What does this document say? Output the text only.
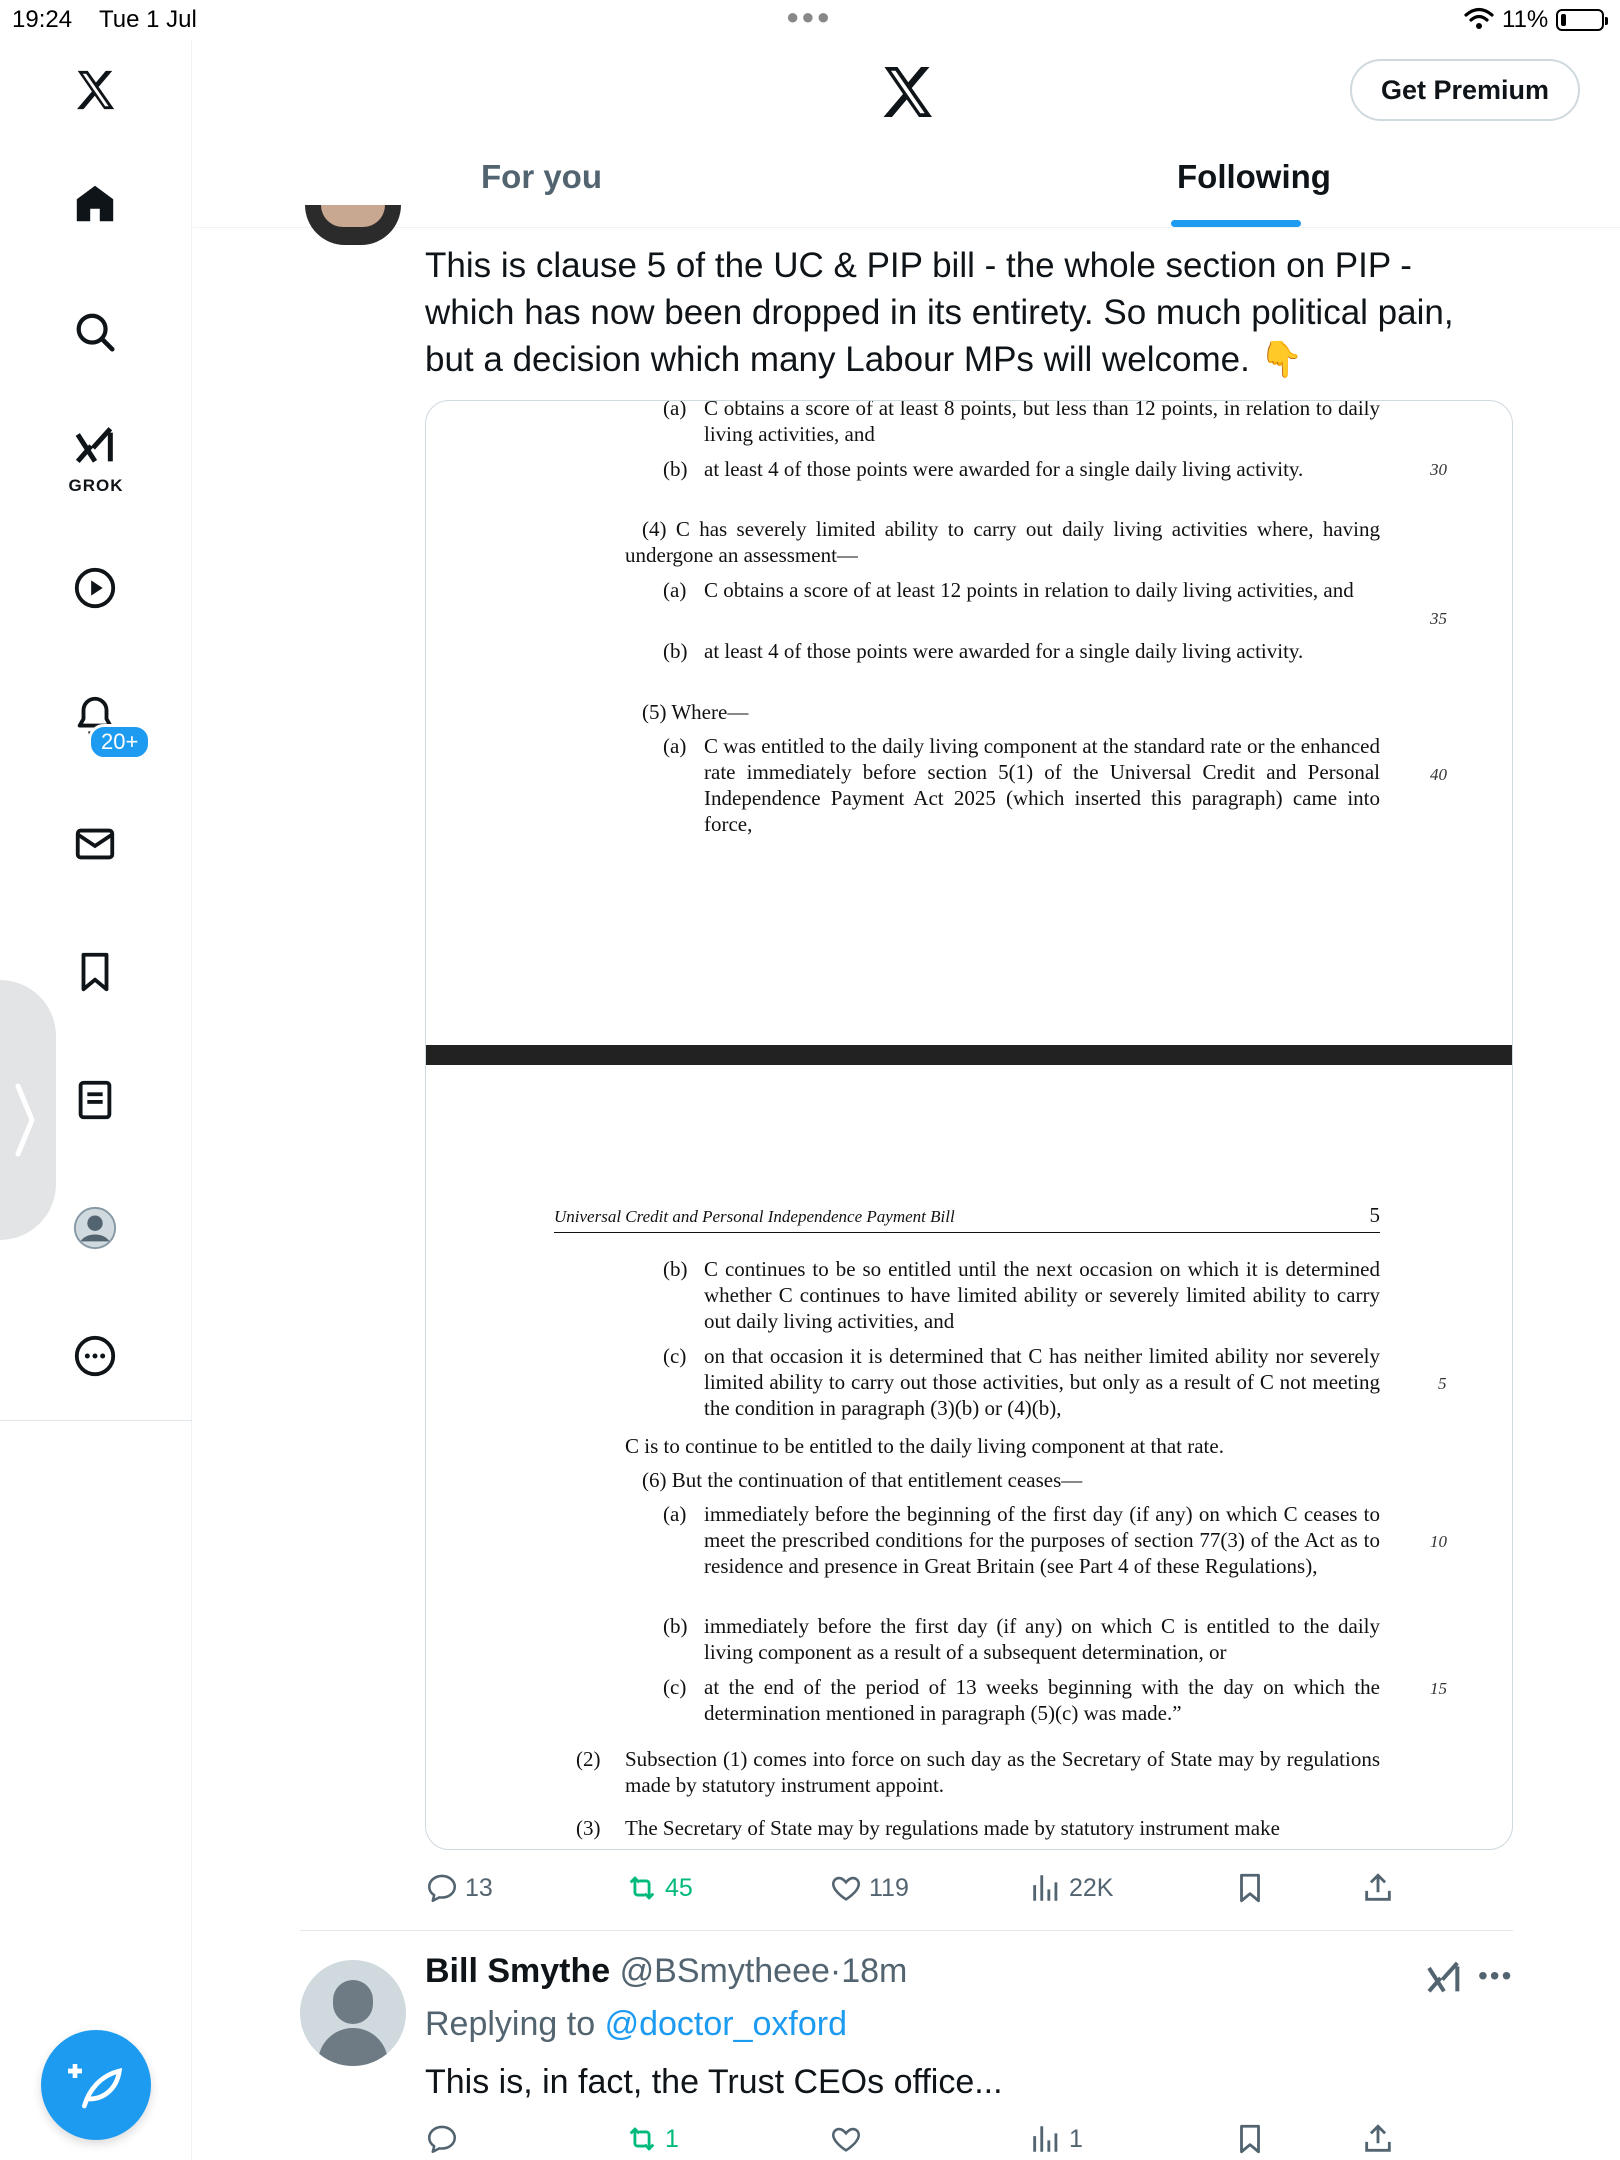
19:24 Tue 1 Jul	●●●	11%
GROK
20+
Get Premium
For you	Following
This is clause 5 of the UC & PIP bill - the whole section on PIP - which has now been dropped in its entirety. So much political pain, but a decision which many Labour MPs will welcome. 👇
(a) C obtains a score of at least 8 points, but less than 12 points, in relation to daily living activities, and
(b) at least 4 of those points were awarded for a single daily living activity.	30
(4) C has severely limited ability to carry out daily living activities where, having undergone an assessment—
(a) C obtains a score of at least 12 points in relation to daily living activities, and
35
(b) at least 4 of those points were awarded for a single daily living activity.
(5) Where—
(a) C was entitled to the daily living component at the standard rate or the enhanced rate immediately before section 5(1) of the Universal Credit and Personal Independence Payment Act 2025 (which inserted this paragraph) came into force,
40
Universal Credit and Personal Independence Payment Bill	5
(b) C continues to be so entitled until the next occasion on which it is determined whether C continues to have limited ability or severely limited ability to carry out daily living activities, and
(c) on that occasion it is determined that C has neither limited ability nor severely limited ability to carry out those activities, but only as a result of C not meeting the condition in paragraph (3)(b) or (4)(b),
5
C is to continue to be entitled to the daily living component at that rate.
(6) But the continuation of that entitlement ceases—
(a) immediately before the beginning of the first day (if any) on which C ceases to meet the prescribed conditions for the purposes of section 77(3) of the Act as to residence and presence in Great Britain (see Part 4 of these Regulations),
10
(b) immediately before the first day (if any) on which C is entitled to the daily living component as a result of a subsequent determination, or
(c) at the end of the period of 13 weeks beginning with the day on which the determination mentioned in paragraph (5)(c) was made.”
15
(2) Subsection (1) comes into force on such day as the Secretary of State may by regulations made by statutory instrument appoint.
(3) The Secretary of State may by regulations made by statutory instrument make
13	45	119	22K
Bill Smythe @BSmytheee·18m	•••
Replying to @doctor_oxford
This is, in fact, the Trust CEOs office...
1	1
